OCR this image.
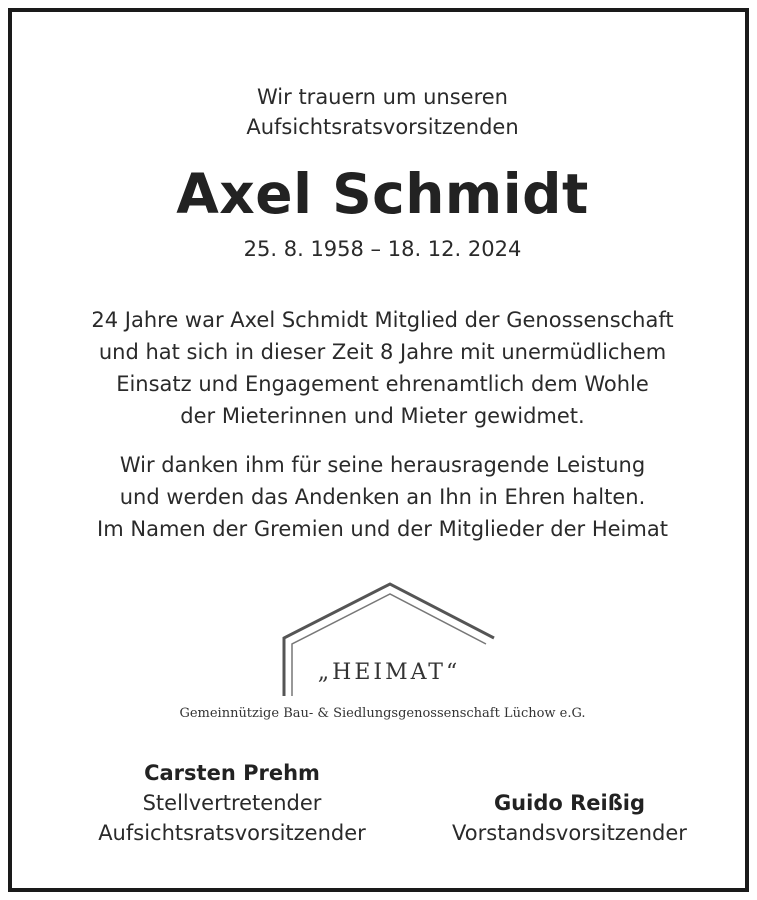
Wir trauern um unseren
Aufsichtsratsvorsitzenden
Axel Schmidt
25. 8. 1958 – 18. 12. 2024
24 Jahre war Axel Schmidt Mitglied der Genossenschaft
und hat sich in dieser Zeit 8 Jahre mit unermüdlichem
Einsatz und Engagement ehrenamtlich dem Wohle
der Mieterinnen und Mieter gewidmet.
Wir danken ihm für seine herausragende Leistung
und werden das Andenken an Ihn in Ehren halten.
Im Namen der Gremien und der Mitglieder der Heimat
„HEIMAT“
Gemeinnützige Bau- & Siedlungsgenossenschaft Lüchow e.G.
Carsten Prehm
Stellvertretender
Aufsichtsratsvorsitzender
Guido Reißig
Vorstandsvorsitzender
